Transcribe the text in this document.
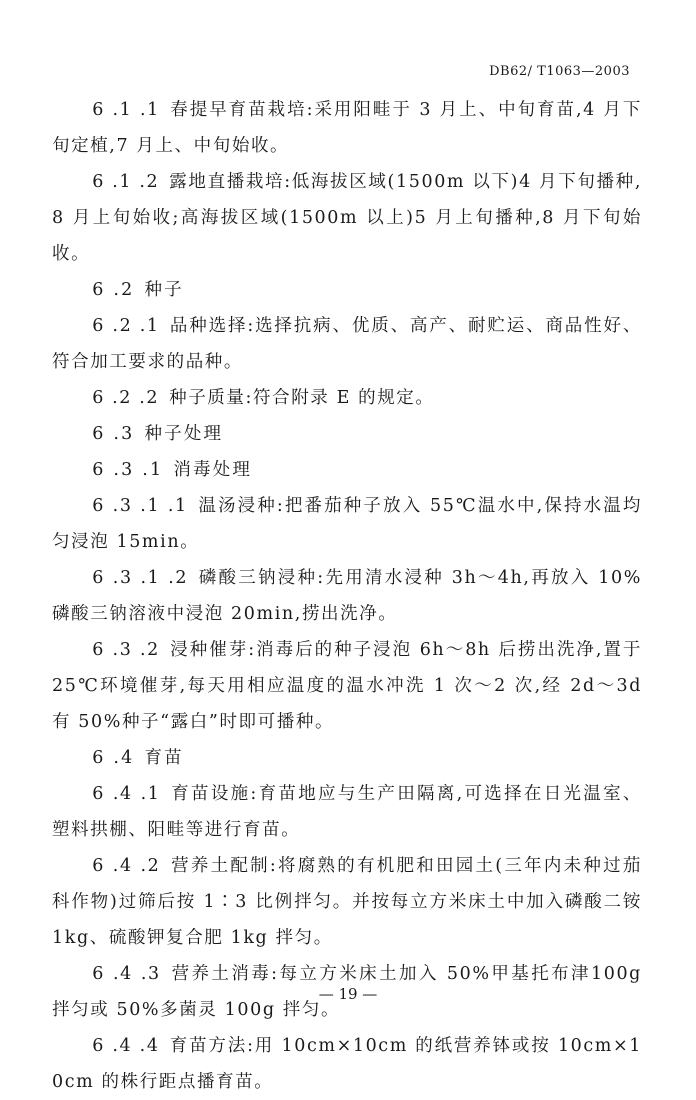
DB62/ T1063—2003

6 .1 .1 春提早育苗栽培:采用阳畦于 3 月上、中旬育苗,4 月下旬定植,7 月上、中旬始收。

6 .1 .2 露地直播栽培:低海拔区域(1500m 以下)4 月下旬播种,8 月上旬始收;高海拔区域(1500m 以上)5 月上旬播种,8 月下旬始收。

6 .2 种子

6 .2 .1 品种选择:选择抗病、优质、高产、耐贮运、商品性好、符合加工要求的品种。

6 .2 .2 种子质量:符合附录 E 的规定。

6 .3 种子处理

6 .3 .1 消毒处理

6 .3 .1 .1 温汤浸种:把番茄种子放入 55℃温水中,保持水温均匀浸泡 15min。

6 .3 .1 .2 磷酸三钠浸种:先用清水浸种 3h～4h,再放入 10%磷酸三钠溶液中浸泡 20min,捞出洗净。

6 .3 .2 浸种催芽:消毒后的种子浸泡 6h～8h 后捞出洗净,置于 25℃环境催芽,每天用相应温度的温水冲洗 1 次～2 次,经 2d～3d 有 50%种子“露白”时即可播种。

6 .4 育苗

6 .4 .1 育苗设施:育苗地应与生产田隔离,可选择在日光温室、塑料拱棚、阳畦等进行育苗。

6 .4 .2 营养土配制:将腐熟的有机肥和田园土(三年内未种过茄科作物)过筛后按 1∶3 比例拌匀。并按每立方米床土中加入磷酸二铵 1kg、硫酸钾复合肥 1kg 拌匀。

6 .4 .3 营养土消毒:每立方米床土加入 50%甲基托布津100g 拌匀或 50%多菌灵 100g 拌匀。

6 .4 .4 育苗方法:用 10cm×10cm 的纸营养钵或按 10cm×10cm 的株行距点播育苗。

— 19 —
